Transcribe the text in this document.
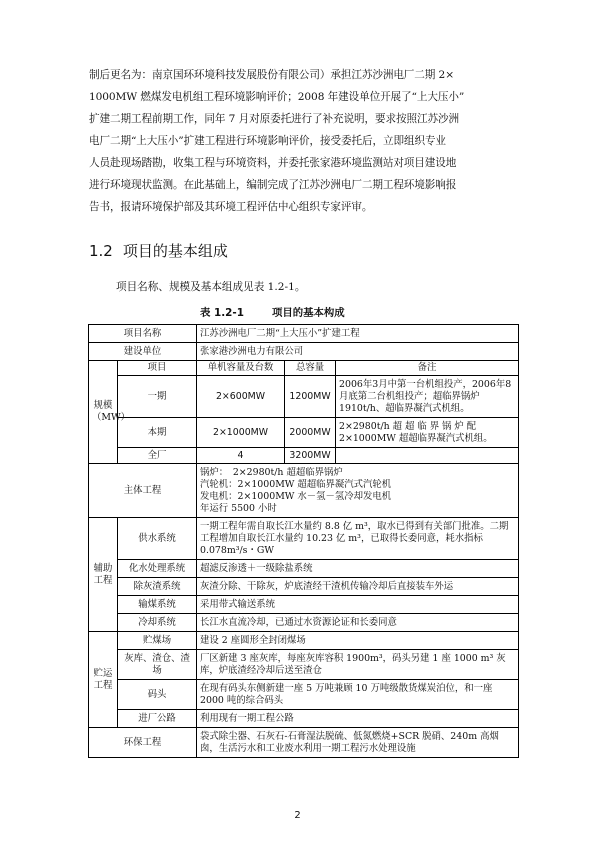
制后更名为：南京国环环境科技发展股份有限公司）承担江苏沙洲电厂二期 2×
1000MW 燃煤发电机组工程环境影响评价；2008 年建设单位开展了“上大压小”
扩建二期工程前期工作，同年 7 月对原委托进行了补充说明，要求按照江苏沙洲
电厂二期“上大压小”扩建工程进行环境影响评价，接受委托后，立即组织专业
人员赴现场踏勘，收集工程与环境资料，并委托张家港环境监测站对项目建设地
进行环境现状监测。在此基础上，编制完成了江苏沙洲电厂二期工程环境影响报
告书，报请环境保护部及其环境工程评估中心组织专家评审。
1.2 项目的基本组成

项目名称、规模及基本组成见表 1.2-1。

表 1.2-1	项目的基本构成

项目名称		江苏沙洲电厂二期“上大压小”扩建工程		
建设单位		张家港沙洲电力有限公司		
规模（MW）	项目	单机容量及台数	总容量	备注
	一期	2×600MW	1200MW	2006年3月中第一台机组投产，2006年8月底第二台机组投产；超临界锅炉1910t/h、超临界凝汽式机组。
	本期	2×1000MW	2000MW	2×2980t/h 超 超 临 界 锅 炉 配 2×1000MW 超超临界凝汽式机组。
	全厂	4	3200MW	
主体工程		锅炉：　2×2980t/h 超超临界锅炉
汽轮机：2×1000MW 超超临界凝汽式汽轮机
发电机：2×1000MW 水－氢－氢冷却发电机
年运行 5500 小时		

辅助工程	供水系统	一期工程年需自取长江水量约 8.8 亿 m³，取水已得到有关部门批准。二期工程增加自取长江水量约 10.23 亿 m³，已取得长委同意，耗水指标 0.078m³/s・GW		
	化水处理系统	超滤反渗透＋一级除盐系统		
	除灰渣系统	灰渣分除、干除灰，炉底渣经干渣机传输冷却后直接装车外运		
	输煤系统	采用带式输送系统		
	冷却系统	长江水直流冷却，已通过水资源论证和长委同意		
贮运工程	贮煤场	建设 2 座圆形全封闭煤场		
	灰库、渣仓、渣场	厂区新建 3 座灰库，每座灰库容积 1900m³，码头另建 1 座 1000 m³ 灰库，炉底渣经冷却后送至渣仓		
	码头	在现有码头东侧新建一座 5 万吨兼顾 10 万吨级散货煤炭泊位，和一座 2000 吨的综合码头		
	进厂公路	利用现有一期工程公路		
环保工程		袋式除尘器、石灰石-石膏湿法脱硫、低氮燃烧+SCR 脱硝、240m 高烟囱，生活污水和工业废水利用一期工程污水处理设施		

2
